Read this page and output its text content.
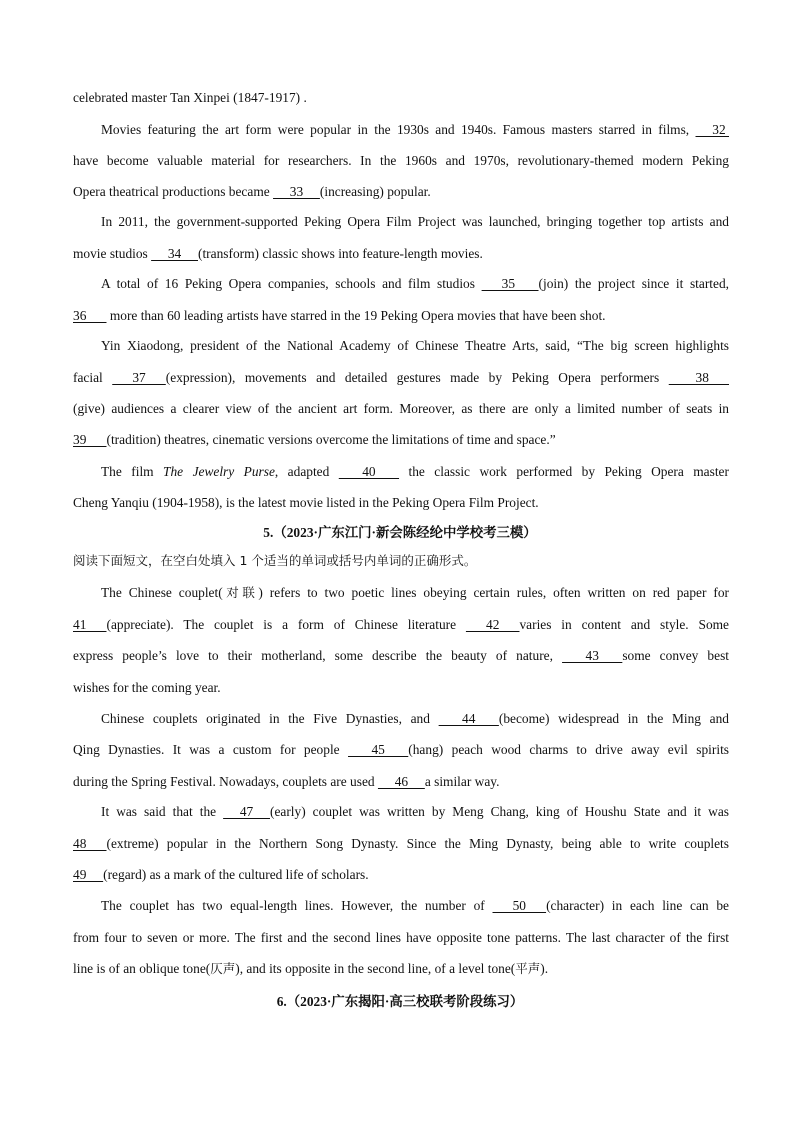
celebrated master Tan Xinpei (1847-1917) .
Movies featuring the art form were popular in the 1930s and 1940s. Famous masters starred in films,      32
have become valuable material for researchers. In the 1960s and 1970s, revolutionary-themed modern Peking
Opera theatrical productions became      33     (increasing) popular.
In 2011, the government-supported Peking Opera Film Project was launched, bringing together top artists and
movie studios      34     (transform) classic shows into feature-length movies.
A total of 16 Peking Opera companies, schools and film studios       35       (join) the project since it started,
36       more than 60 leading artists have starred in the 19 Peking Opera movies that have been shot.
Yin Xiaodong, president of the National Academy of Chinese Theatre Arts, said, “The big screen highlights
facial       37      (expression), movements and detailed gestures made by Peking Opera performers         38
(give) audiences a clearer view of the ancient art form. Moreover, as there are only a limited number of seats in
39      (tradition) theatres, cinematic versions overcome the limitations of time and space.”
The film The Jewelry Purse, adapted        40        the classic work performed by Peking Opera master
Cheng Yanqiu (1904-1958), is the latest movie listed in the Peking Opera Film Project.
5.（2023·广东江门·新会陈经纶中学校考三模）
阅读下面短文，在空白处填入 1 个适当的单词或括号内单词的正确形式。
The Chinese couplet(对联) refers to two poetic lines obeying certain rules, often written on red paper for
41      (appreciate). The couplet is a form of Chinese literature       42      varies in content and style. Some
express people’s love to their motherland, some describe the beauty of nature,        43       some convey best
wishes for the coming year.
Chinese couplets originated in the Five Dynasties, and        44       (become) widespread in the Ming and
Qing Dynasties. It was a custom for people        45       (hang) peach wood charms to drive away evil spirits
during the Spring Festival. Nowadays, couplets are used      46     a similar way.
It was said that the      47     (early) couplet was written by Meng Chang, king of Houshu State and it was
48      (extreme) popular in the Northern Song Dynasty. Since the Ming Dynasty, being able to write couplets
49     (regard) as a mark of the cultured life of scholars.
The couplet has two equal-length lines. However, the number of       50      (character) in each line can be
from four to seven or more. The first and the second lines have opposite tone patterns. The last character of the first
line is of an oblique tone(仄声), and its opposite in the second line, of a level tone(平声).
6.（2023·广东揭阳·高三校联考阶段练习）
